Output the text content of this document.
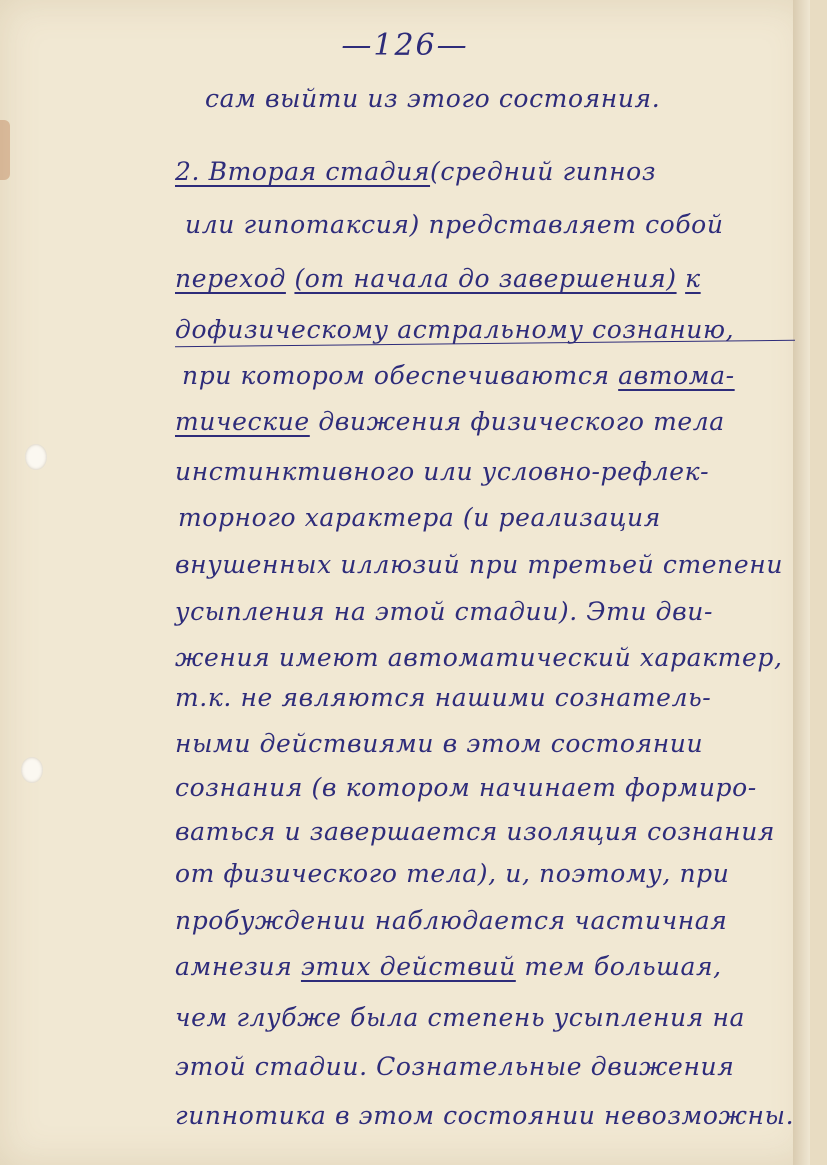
—126—
сам выйти из этого состояния.
2. Вторая стадия(средний гипноз
или гипотаксия) представляет собой
переход (от начала до завершения) к
дофизическому астральному сознанию,
при котором обеспечиваются автома-
тические движения физического тела
инстинктивного или условно-рефлек-
торного характера (и реализация
внушенных иллюзий при третьей степени
усыпления на этой стадии). Эти дви-
жения имеют автоматический характер,
т.к. не являются нашими сознатель-
ными действиями в этом состоянии
сознания (в котором начинает формиро-
ваться и завершается изоляция сознания
от физического тела), и, поэтому, при
пробуждении наблюдается частичная
амнезия этих действий тем большая,
чем глубже была степень усыпления на
этой стадии. Сознательные движения
гипнотика в этом состоянии невозможны.
